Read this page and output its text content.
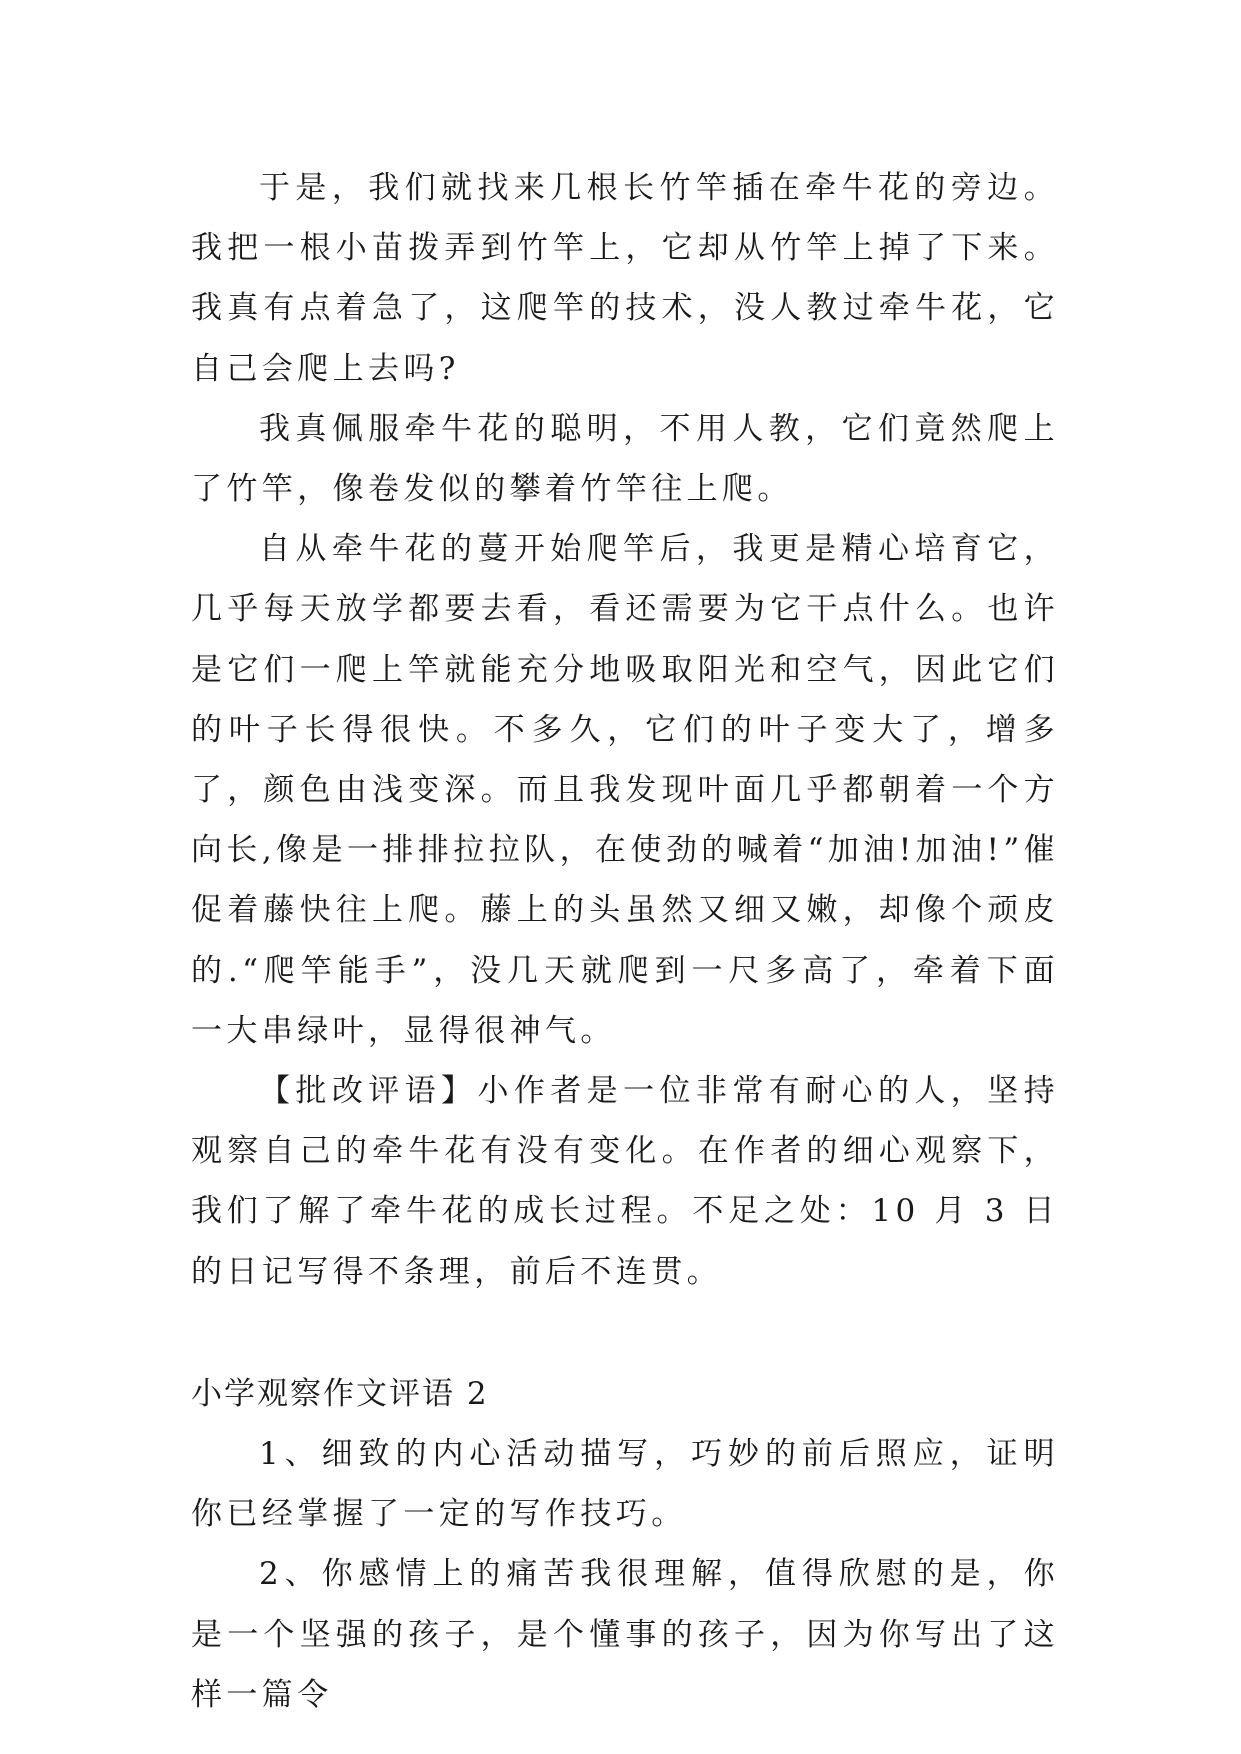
于是，我们就找来几根长竹竿插在牵牛花的旁边。我把一根小苗拨弄到竹竿上，它却从竹竿上掉了下来。我真有点着急了，这爬竿的技术，没人教过牵牛花，它自己会爬上去吗?

我真佩服牵牛花的聪明，不用人教，它们竟然爬上了竹竿，像卷发似的攀着竹竿往上爬。

自从牵牛花的蔓开始爬竿后，我更是精心培育它，几乎每天放学都要去看，看还需要为它干点什么。也许是它们一爬上竿就能充分地吸取阳光和空气，因此它们的叶子长得很快。不多久，它们的叶子变大了，增多了，颜色由浅变深。而且我发现叶面几乎都朝着一个方向长,像是一排排拉拉队，在使劲的喊着“加油!加油!”催促着藤快往上爬。藤上的头虽然又细又嫩，却像个顽皮的.“爬竿能手”，没几天就爬到一尺多高了，牵着下面一大串绿叶，显得很神气。

【批改评语】小作者是一位非常有耐心的人，坚持观察自己的牵牛花有没有变化。在作者的细心观察下，我们了解了牵牛花的成长过程。不足之处：10 月 3 日的日记写得不条理，前后不连贯。

小学观察作文评语 2

1、细致的内心活动描写，巧妙的前后照应，证明你已经掌握了一定的写作技巧。

2、你感情上的痛苦我很理解，值得欣慰的是，你是一个坚强的孩子，是个懂事的孩子，因为你写出了这样一篇令
